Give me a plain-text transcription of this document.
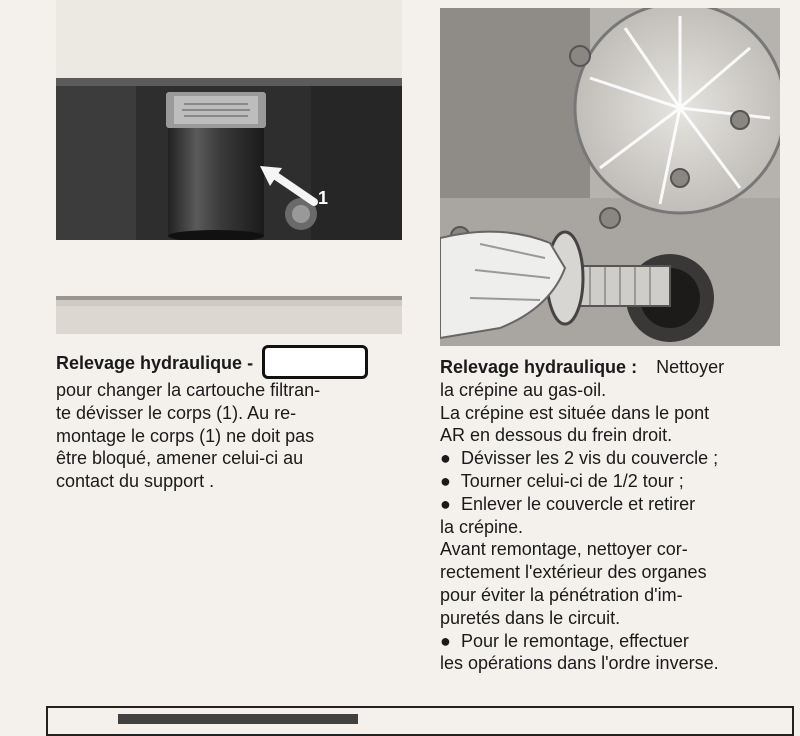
1

Relevage hydraulique -

pour changer la cartouche filtran-

te dévisser le corps (1). Au re-

montage le corps (1) ne doit pas

être bloqué, amener celui-ci au

contact du support .

Relevage hydraulique : Nettoyer

la crépine au gas-oil.

La crépine est située dans le pont

AR en dessous du frein droit.

● Dévisser les 2 vis du couvercle ;

● Tourner celui-ci de 1/2 tour ;

● Enlever le couvercle et retirer

la crépine.

Avant remontage, nettoyer cor-

rectement l'extérieur des organes

pour éviter la pénétration d'im-

puretés dans le circuit.

● Pour le remontage, effectuer

les opérations dans l'ordre inverse.
